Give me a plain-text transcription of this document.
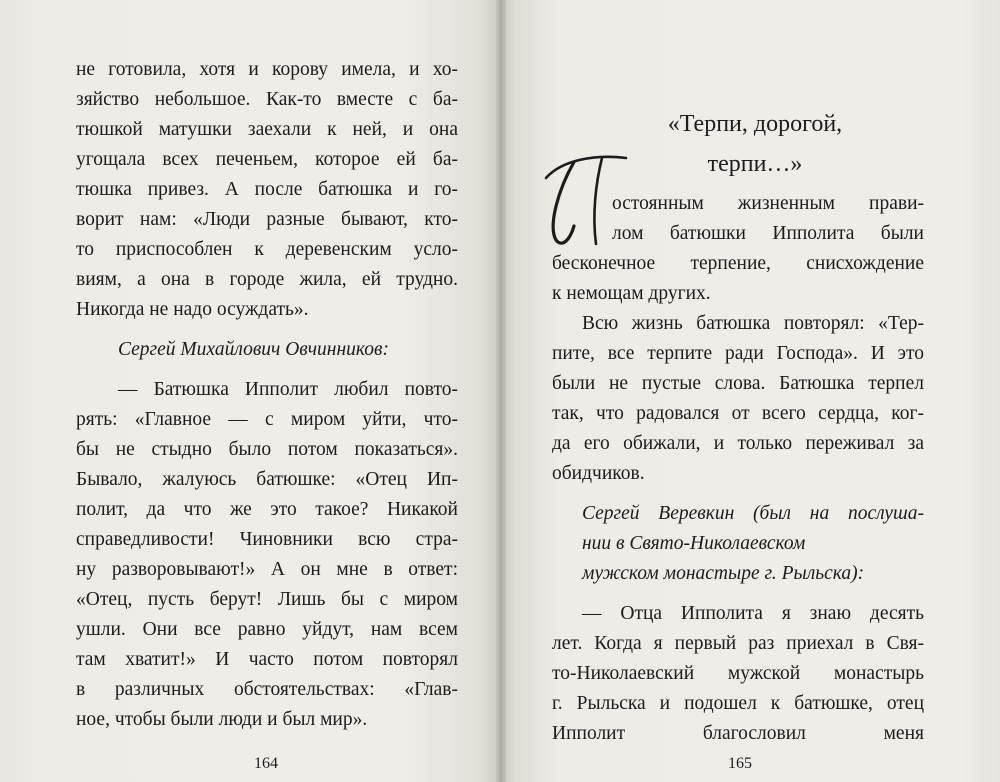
не готовила, хотя и корову имела, и хо-
зяйство небольшое. Как-то вместе с ба-
тюшкой матушки заехали к ней, и она
угощала всех печеньем, которое ей ба-
тюшка привез. А после батюшка и го-
ворит нам: «Люди разные бывают, кто-
то приспособлен к деревенским усло-
виям, а она в городе жила, ей трудно.
Никогда не надо осуждать».
Сергей Михайлович Овчинников:
— Батюшка Ипполит любил повто-
рять: «Главное — с миром уйти, что-
бы не стыдно было потом показаться».
Бывало, жалуюсь батюшке: «Отец Ип-
полит, да что же это такое? Никакой
справедливости! Чиновники всю стра-
ну разворовывают!» А он мне в ответ:
«Отец, пусть берут! Лишь бы с миром
ушли. Они все равно уйдут, нам всем
там хватит!» И часто потом повторял
в различных обстоятельствах: «Глав-
ное, чтобы были люди и был мир».
164
«Терпи, дорогой,
терпи…»
остоянным жизненным прави-
лом батюшки Ипполита были
бесконечное терпение, снисхождение
к немощам других.
Всю жизнь батюшка повторял: «Тер-
пите, все терпите ради Господа». И это
были не пустые слова. Батюшка терпел
так, что радовался от всего сердца, ког-
да его обижали, и только переживал за
обидчиков.
Сергей Веревкин (был на послуша-
нии в Свято-Николаевском
мужском монастыре г. Рыльска):
— Отца Ипполита я знаю десять
лет. Когда я первый раз приехал в Свя-
то-Николаевский мужской монастырь
г. Рыльска и подошел к батюшке, отец
Ипполит благословил меня
165
